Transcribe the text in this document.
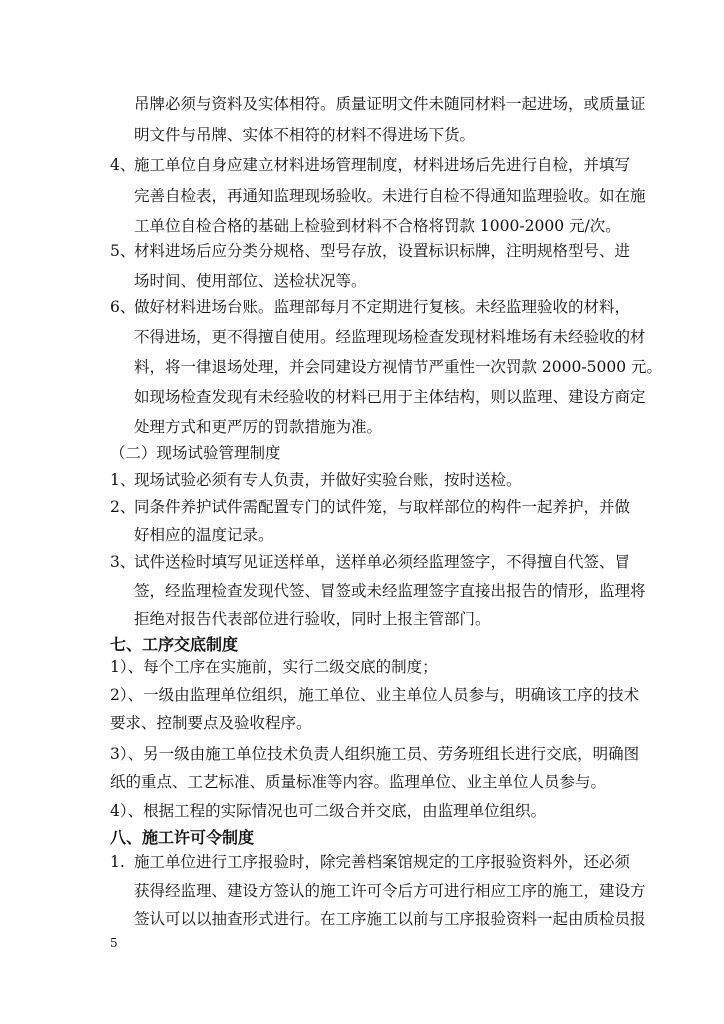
吊牌必须与资料及实体相符。质量证明文件未随同材料一起进场，或质量证
明文件与吊牌、实体不相符的材料不得进场下货。
4、施工单位自身应建立材料进场管理制度，材料进场后先进行自检，并填写
完善自检表，再通知监理现场验收。未进行自检不得通知监理验收。如在施
工单位自检合格的基础上检验到材料不合格将罚款 1000-2000 元/次。
5、材料进场后应分类分规格、型号存放，设置标识标牌，注明规格型号、进
场时间、使用部位、送检状况等。
6、做好材料进场台账。监理部每月不定期进行复核。未经监理验收的材料，
不得进场，更不得擅自使用。经监理现场检查发现材料堆场有未经验收的材
料，将一律退场处理，并会同建设方视情节严重性一次罚款 2000-5000 元。
如现场检查发现有未经验收的材料已用于主体结构，则以监理、建设方商定
处理方式和更严厉的罚款措施为准。
（二）现场试验管理制度
1、现场试验必须有专人负责，并做好实验台账，按时送检。
2、同条件养护试件需配置专门的试件笼，与取样部位的构件一起养护，并做
好相应的温度记录。
3、试件送检时填写见证送样单，送样单必须经监理签字，不得擅自代签、冒
签，经监理检查发现代签、冒签或未经监理签字直接出报告的情形，监理将
拒绝对报告代表部位进行验收，同时上报主管部门。
七、工序交底制度
1）、每个工序在实施前，实行二级交底的制度；
2）、一级由监理单位组织，施工单位、业主单位人员参与，明确该工序的技术
要求、控制要点及验收程序。
3）、另一级由施工单位技术负责人组织施工员、劳务班组长进行交底，明确图
纸的重点、工艺标准、质量标准等内容。监理单位、业主单位人员参与。
4）、根据工程的实际情况也可二级合并交底，由监理单位组织。
八、施工许可令制度
1. 施工单位进行工序报验时，除完善档案馆规定的工序报验资料外，还必须
获得经监理、建设方签认的施工许可令后方可进行相应工序的施工，建设方
签认可以以抽查形式进行。在工序施工以前与工序报验资料一起由质检员报
5
